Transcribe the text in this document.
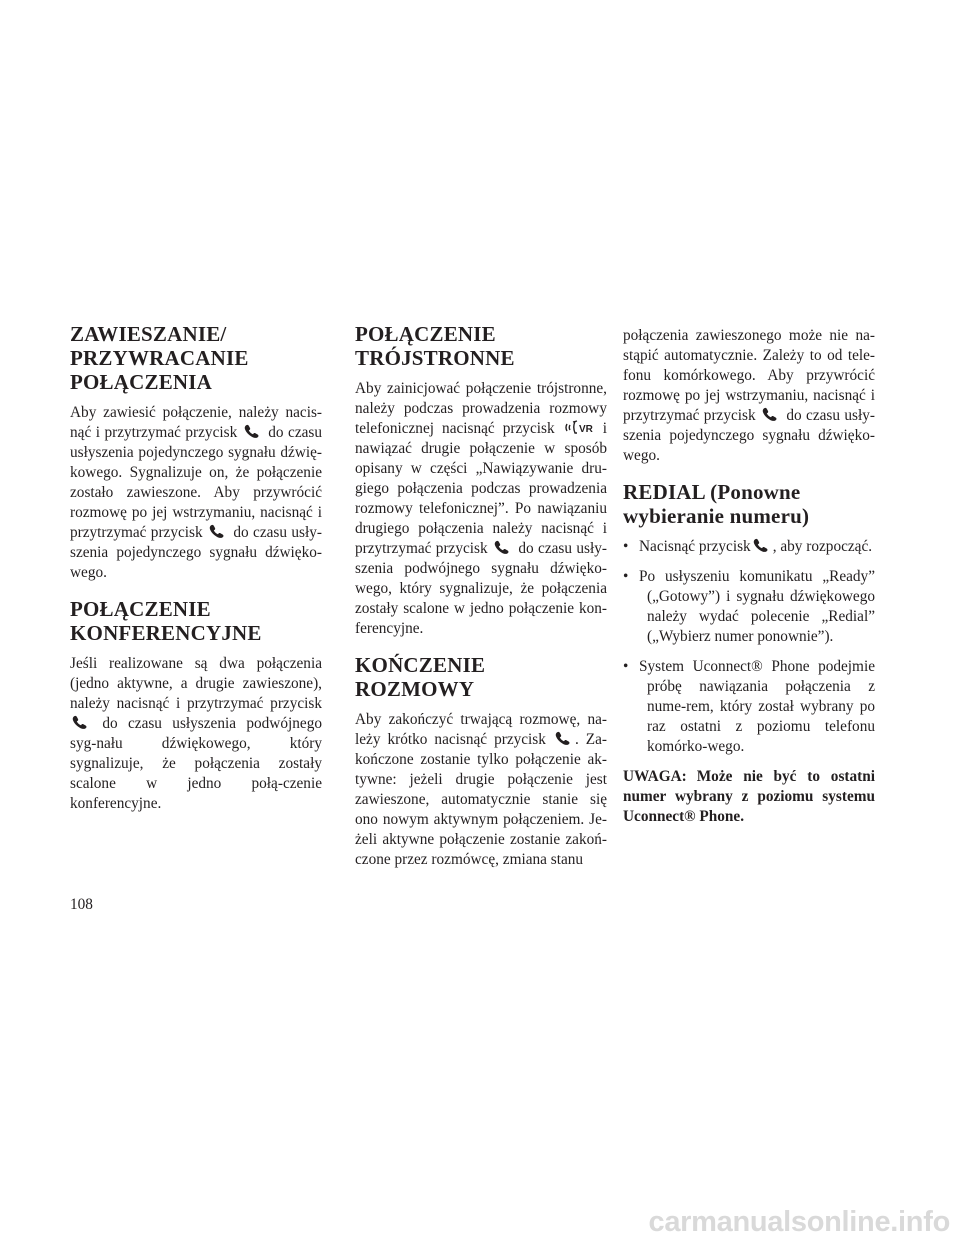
ZAWIESZANIE/
PRZYWRACANIE
POŁĄCZENIA

Aby zawiesić połączenie, należy nacis-nąć i przytrzymać przycisk do czasu usłyszenia pojedynczego sygnału dźwię-kowego. Sygnalizuje on, że połączenie zostało zawieszone. Aby przywrócić rozmowę po jej wstrzymaniu, nacisnąć i przytrzymać przycisk do czasu usły-szenia pojedynczego sygnału dźwięko-wego.

POŁĄCZENIE
KONFERENCYJNE

Jeśli realizowane są dwa połączenia (jedno aktywne, a drugie zawieszone), należy nacisnąć i przytrzymać przycisk
do czasu usłyszenia podwójnego syg-nału dźwiękowego, który sygnalizuje, że połączenia zostały scalone w jedno połą-czenie konferencyjne.

POŁĄCZENIE
TRÓJSTRONNE

Aby zainicjować połączenie trójstronne, należy podczas prowadzenia rozmowy telefonicznej nacisnąć przycisk VR i nawiązać drugie połączenie w sposób opisany w części „Nawiązywanie dru-giego połączenia podczas prowadzenia rozmowy telefonicznej”. Po nawiązaniu drugiego połączenia należy nacisnąć i przytrzymać przycisk do czasu usły-szenia podwójnego sygnału dźwięko-wego, który sygnalizuje, że połączenia zostały scalone w jedno połączenie kon-ferencyjne.

KOŃCZENIE ROZMOWY

Aby zakończyć trwającą rozmowę, na-leży krótko nacisnąć przycisk . Za-kończone zostanie tylko połączenie ak-tywne: jeżeli drugie połączenie jest zawieszone, automatycznie stanie się ono nowym aktywnym połączeniem. Je-żeli aktywne połączenie zostanie zakoń-czone przez rozmówcę, zmiana stanu

połączenia zawieszonego może nie na-stąpić automatycznie. Zależy to od tele-fonu komórkowego. Aby przywrócić rozmowę po jej wstrzymaniu, nacisnąć i przytrzymać przycisk do czasu usły-szenia pojedynczego sygnału dźwięko-wego.

REDIAL (Ponowne
wybieranie numeru)
• Nacisnąć przycisk , aby rozpocząć.
• Po usłyszeniu komunikatu „Ready” („Gotowy”) i sygnału dźwiękowego należy wydać polecenie „Redial” („Wybierz numer ponownie”).
• System Uconnect® Phone podejmie próbę nawiązania połączenia z nume-rem, który został wybrany po raz ostatni z poziomu telefonu komórko-wego.

UWAGA: Może nie być to ostatni numer wybrany z poziomu systemu Uconnect® Phone.

108
carmanualsonline.info
